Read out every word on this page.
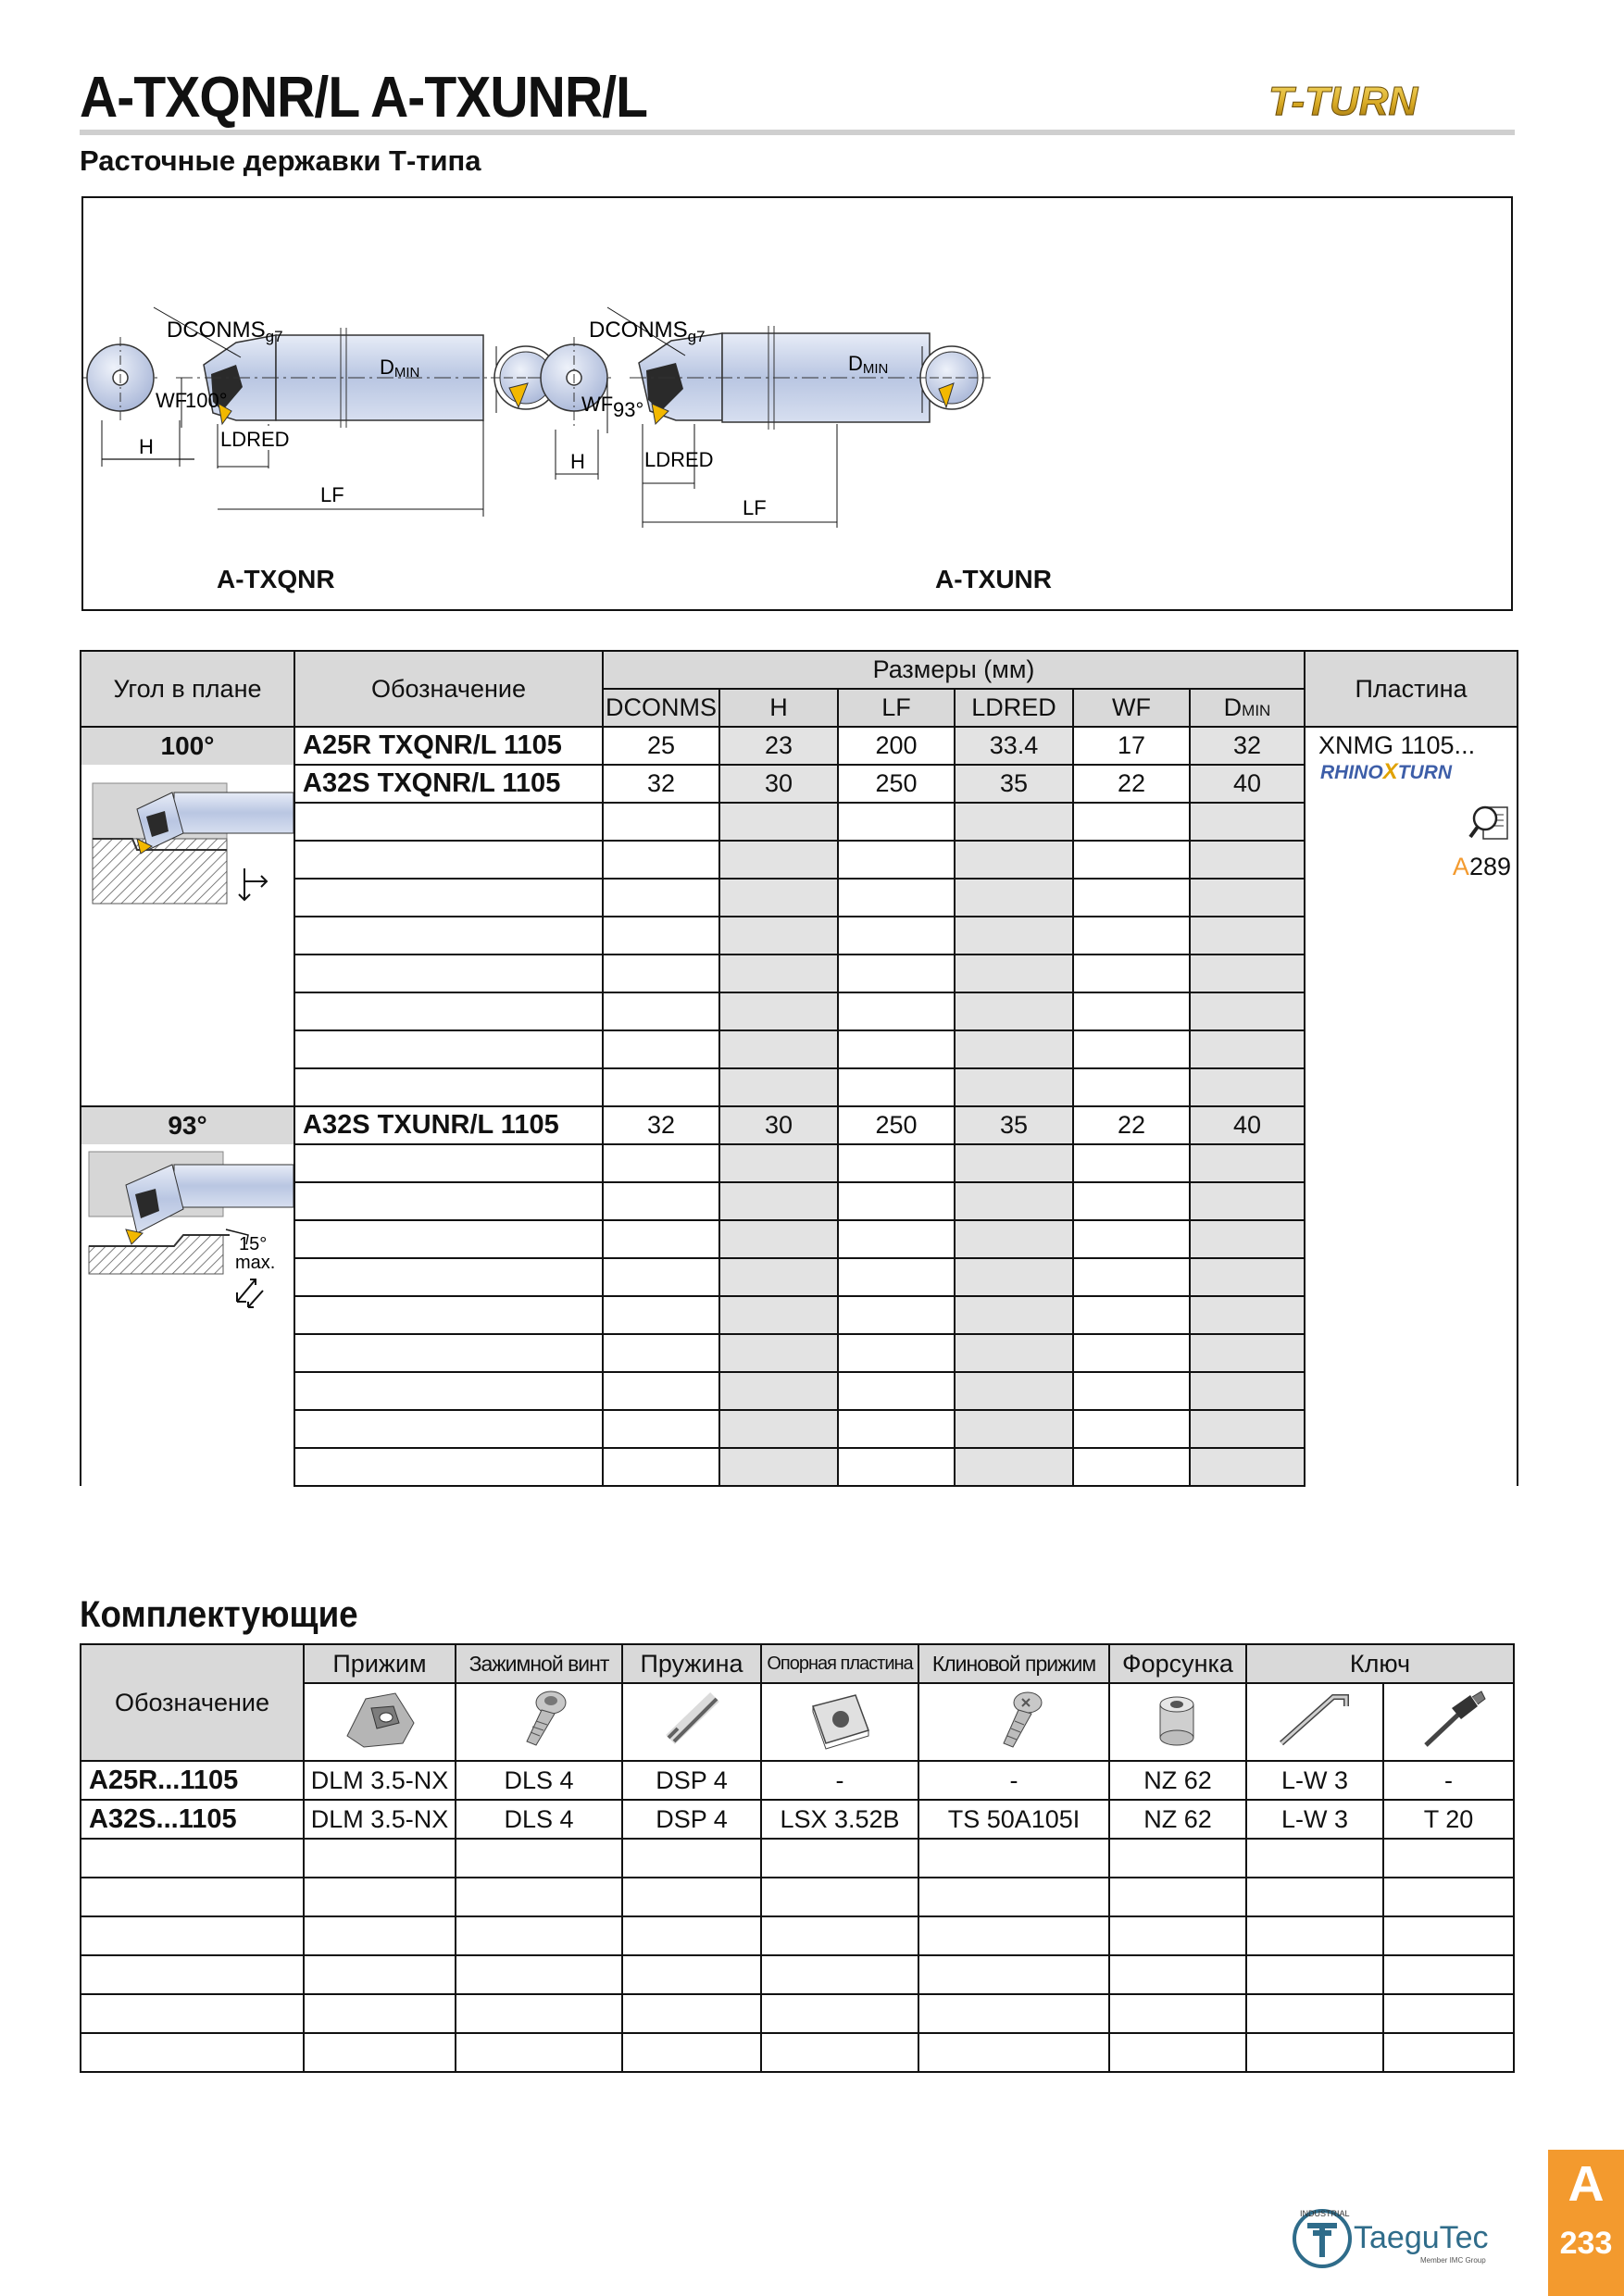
A-TXQNR/L A-TXUNR/L	T-TURN
Расточные державки Т-типа
H
$DCONMS_{g7}$
WF
100°
LDRED
LF
DMIN
H
$DCONMS_{g7}$
WF 93°
LDRED
LF
DMIN
A-TXQNR	A-TXUNR
Угол в плане	Обозначение	Размеры (мм)						Пластина
		DCONMS	H	LF	LDRED	WF	DMIN	
100°	A25R TXQNR/L 1105	25	23	200	33.4	17	32	XNMG 1105...
RHINOXTURN
A289

	A32S TXQNR/L 1105	32	30	250	35	22	40	

93°	A32S TXUNR/L 1105	32	30	250	35	22	40	

15°
max.								

Комплектующие
Обозначение	Прижим	Зажимной винт	Пружина	Опорная пластина	Клиновой прижим	Форсунка	Ключ	

A25R...1105	DLM 3.5-NX	DLS 4	DSP 4	-	-	NZ 62	L-W 3	-
A32S...1105	DLM 3.5-NX	DLS 4	DSP 4	LSX 3.52B	TS 50A105I	NZ 62	L-W 3	T 20

INDUSTRIAL
TaeguTec
Member IMC Group
A
233
